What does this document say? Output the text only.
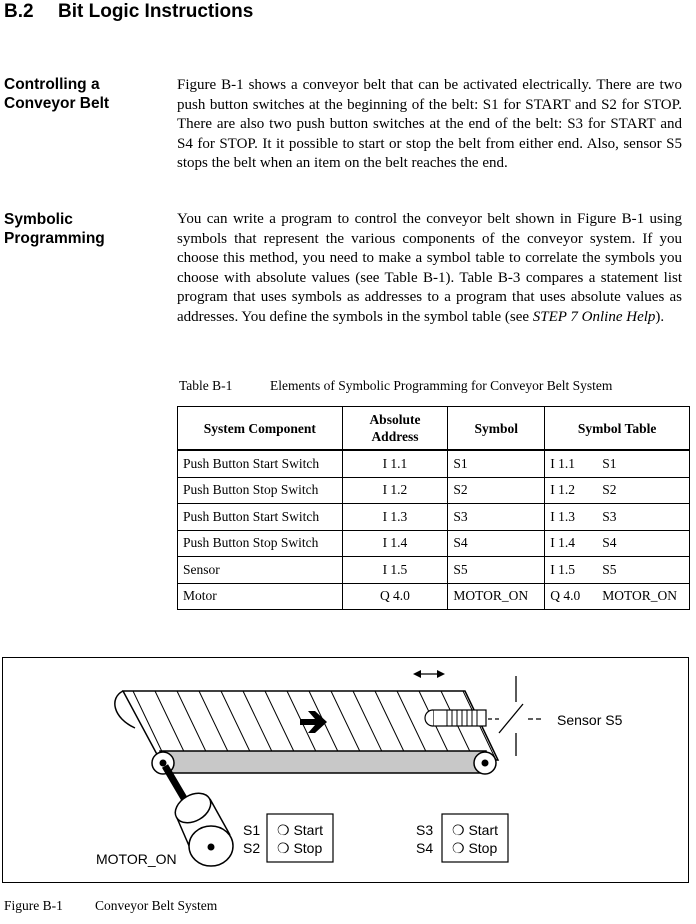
B.2 Bit Logic Instructions
Controlling a
Conveyor Belt

Figure B-1 shows a conveyor belt that can be activated electrically. There are two push button switches at the beginning of the belt: S1 for START and S2 for STOP. There are also two push button switches at the end of the belt: S3 for START and S4 for STOP. It it possible to start or stop the belt from either end. Also, sensor S5 stops the belt when an item on the belt reaches the end.

Symbolic
Programming

You can write a program to control the conveyor belt shown in Figure B-1 using symbols that represent the various components of the conveyor system. If you choose this method, you need to make a symbol table to correlate the symbols you choose with absolute values (see Table B-1). Table B-3 compares a statement list program that uses symbols as addresses to a program that uses absolute values as addresses. You define the symbols in the symbol table (see STEP 7 Online Help).

Table B-1	Elements of Symbolic Programming for Conveyor Belt System
System Component	Absolute Address	Symbol	Symbol Table
Push Button Start Switch	I 1.1	S1	I 1.1 S1
Push Button Stop Switch	I 1.2	S2	I 1.2 S2
Push Button Start Switch	I 1.3	S3	I 1.3 S3
Push Button Stop Switch	I 1.4	S4	I 1.4 S4
Sensor	I 1.5	S5	I 1.5 S5
Motor	Q 4.0	MOTOR_ON	Q 4.0 MOTOR_ON
Sensor S5
MOTOR_ON
S1
S2
❍ Start
❍ Stop
S3
S4
❍ Start
❍ Stop
Figure B-1 Conveyor Belt System
